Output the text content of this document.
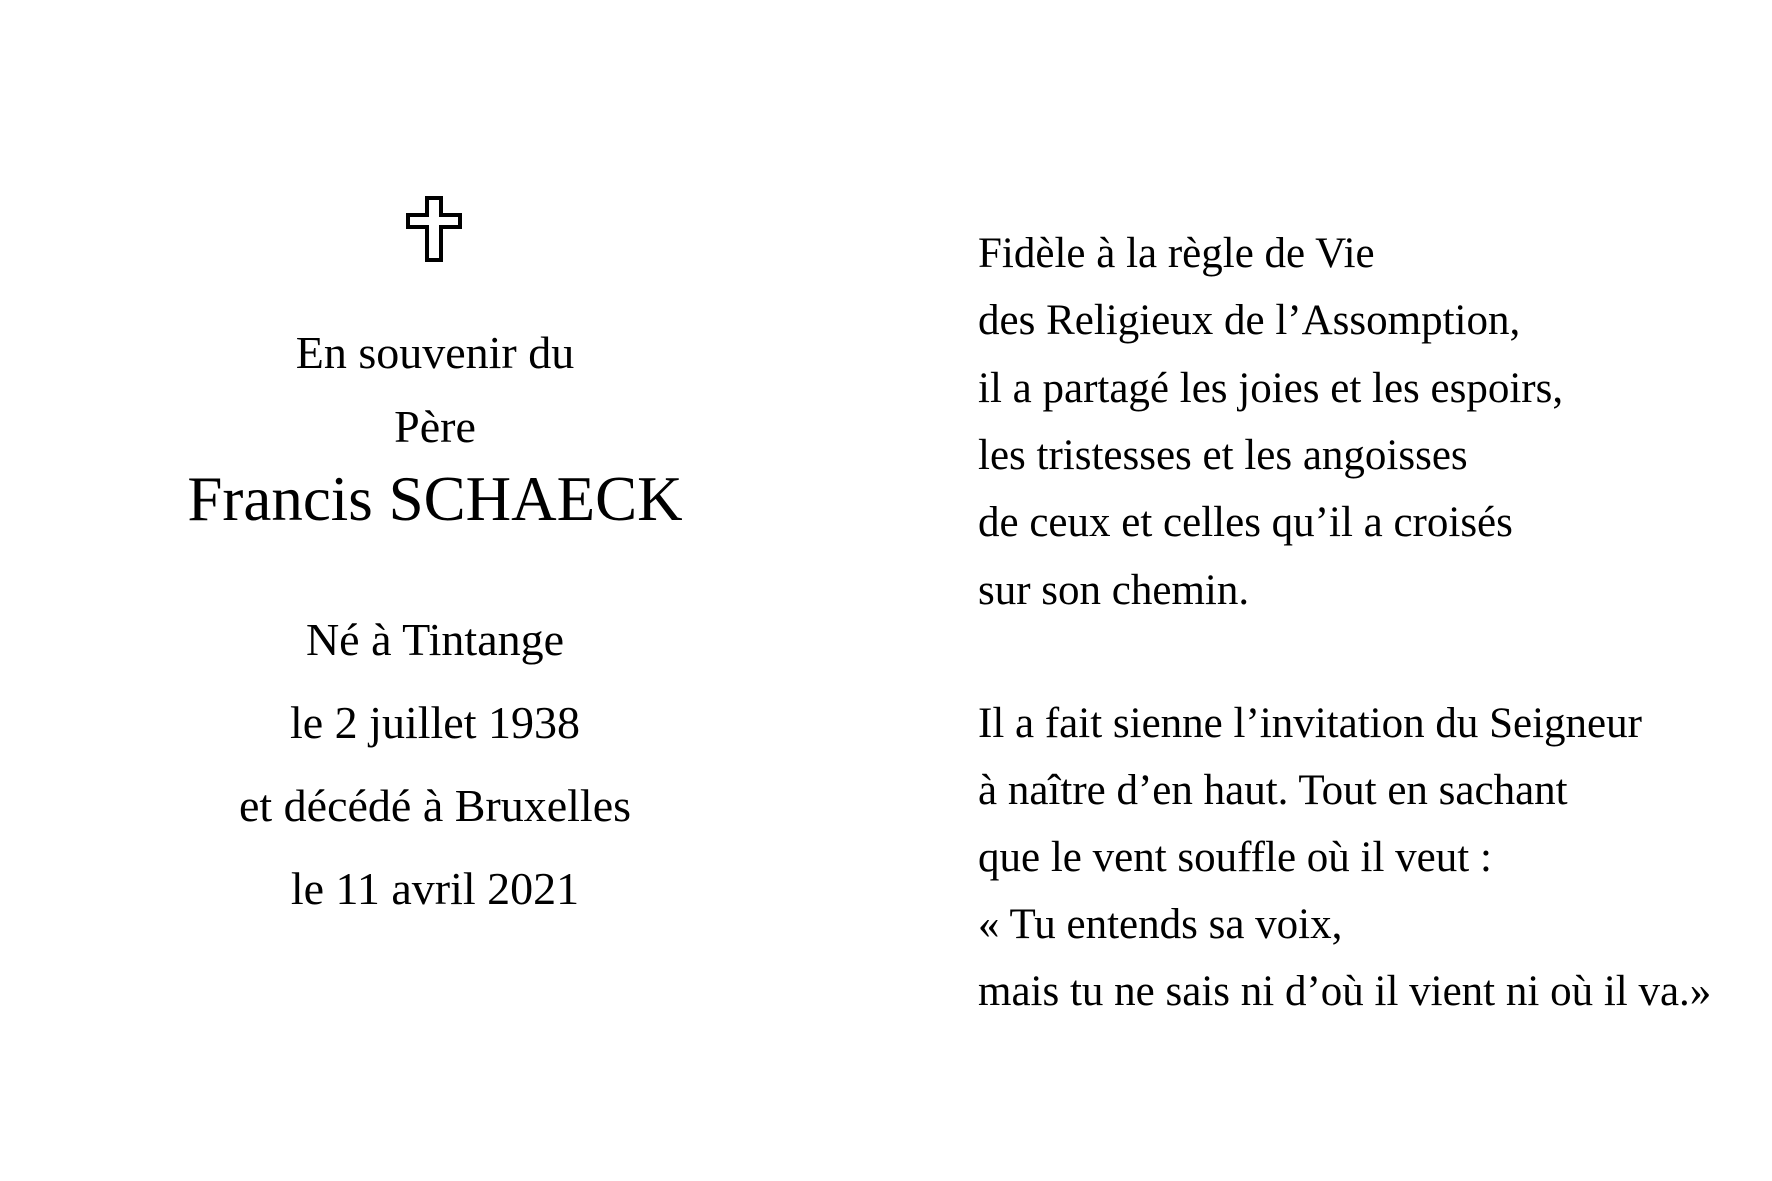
En souvenir du
Père
Francis SCHAECK
Né à Tintange
le 2 juillet 1938
et décédé à Bruxelles
le 11 avril 2021
Fidèle à la règle de Vie
des Religieux de l’Assomption,
il a partagé les joies et les espoirs,
les tristesses et les angoisses
de ceux et celles qu’il a croisés
sur son chemin.
Il a fait sienne l’invitation du Seigneur
à naître d’en haut. Tout en sachant
que le vent souffle où il veut :
« Tu entends sa voix,
mais tu ne sais ni d’où il vient ni où il va.»
